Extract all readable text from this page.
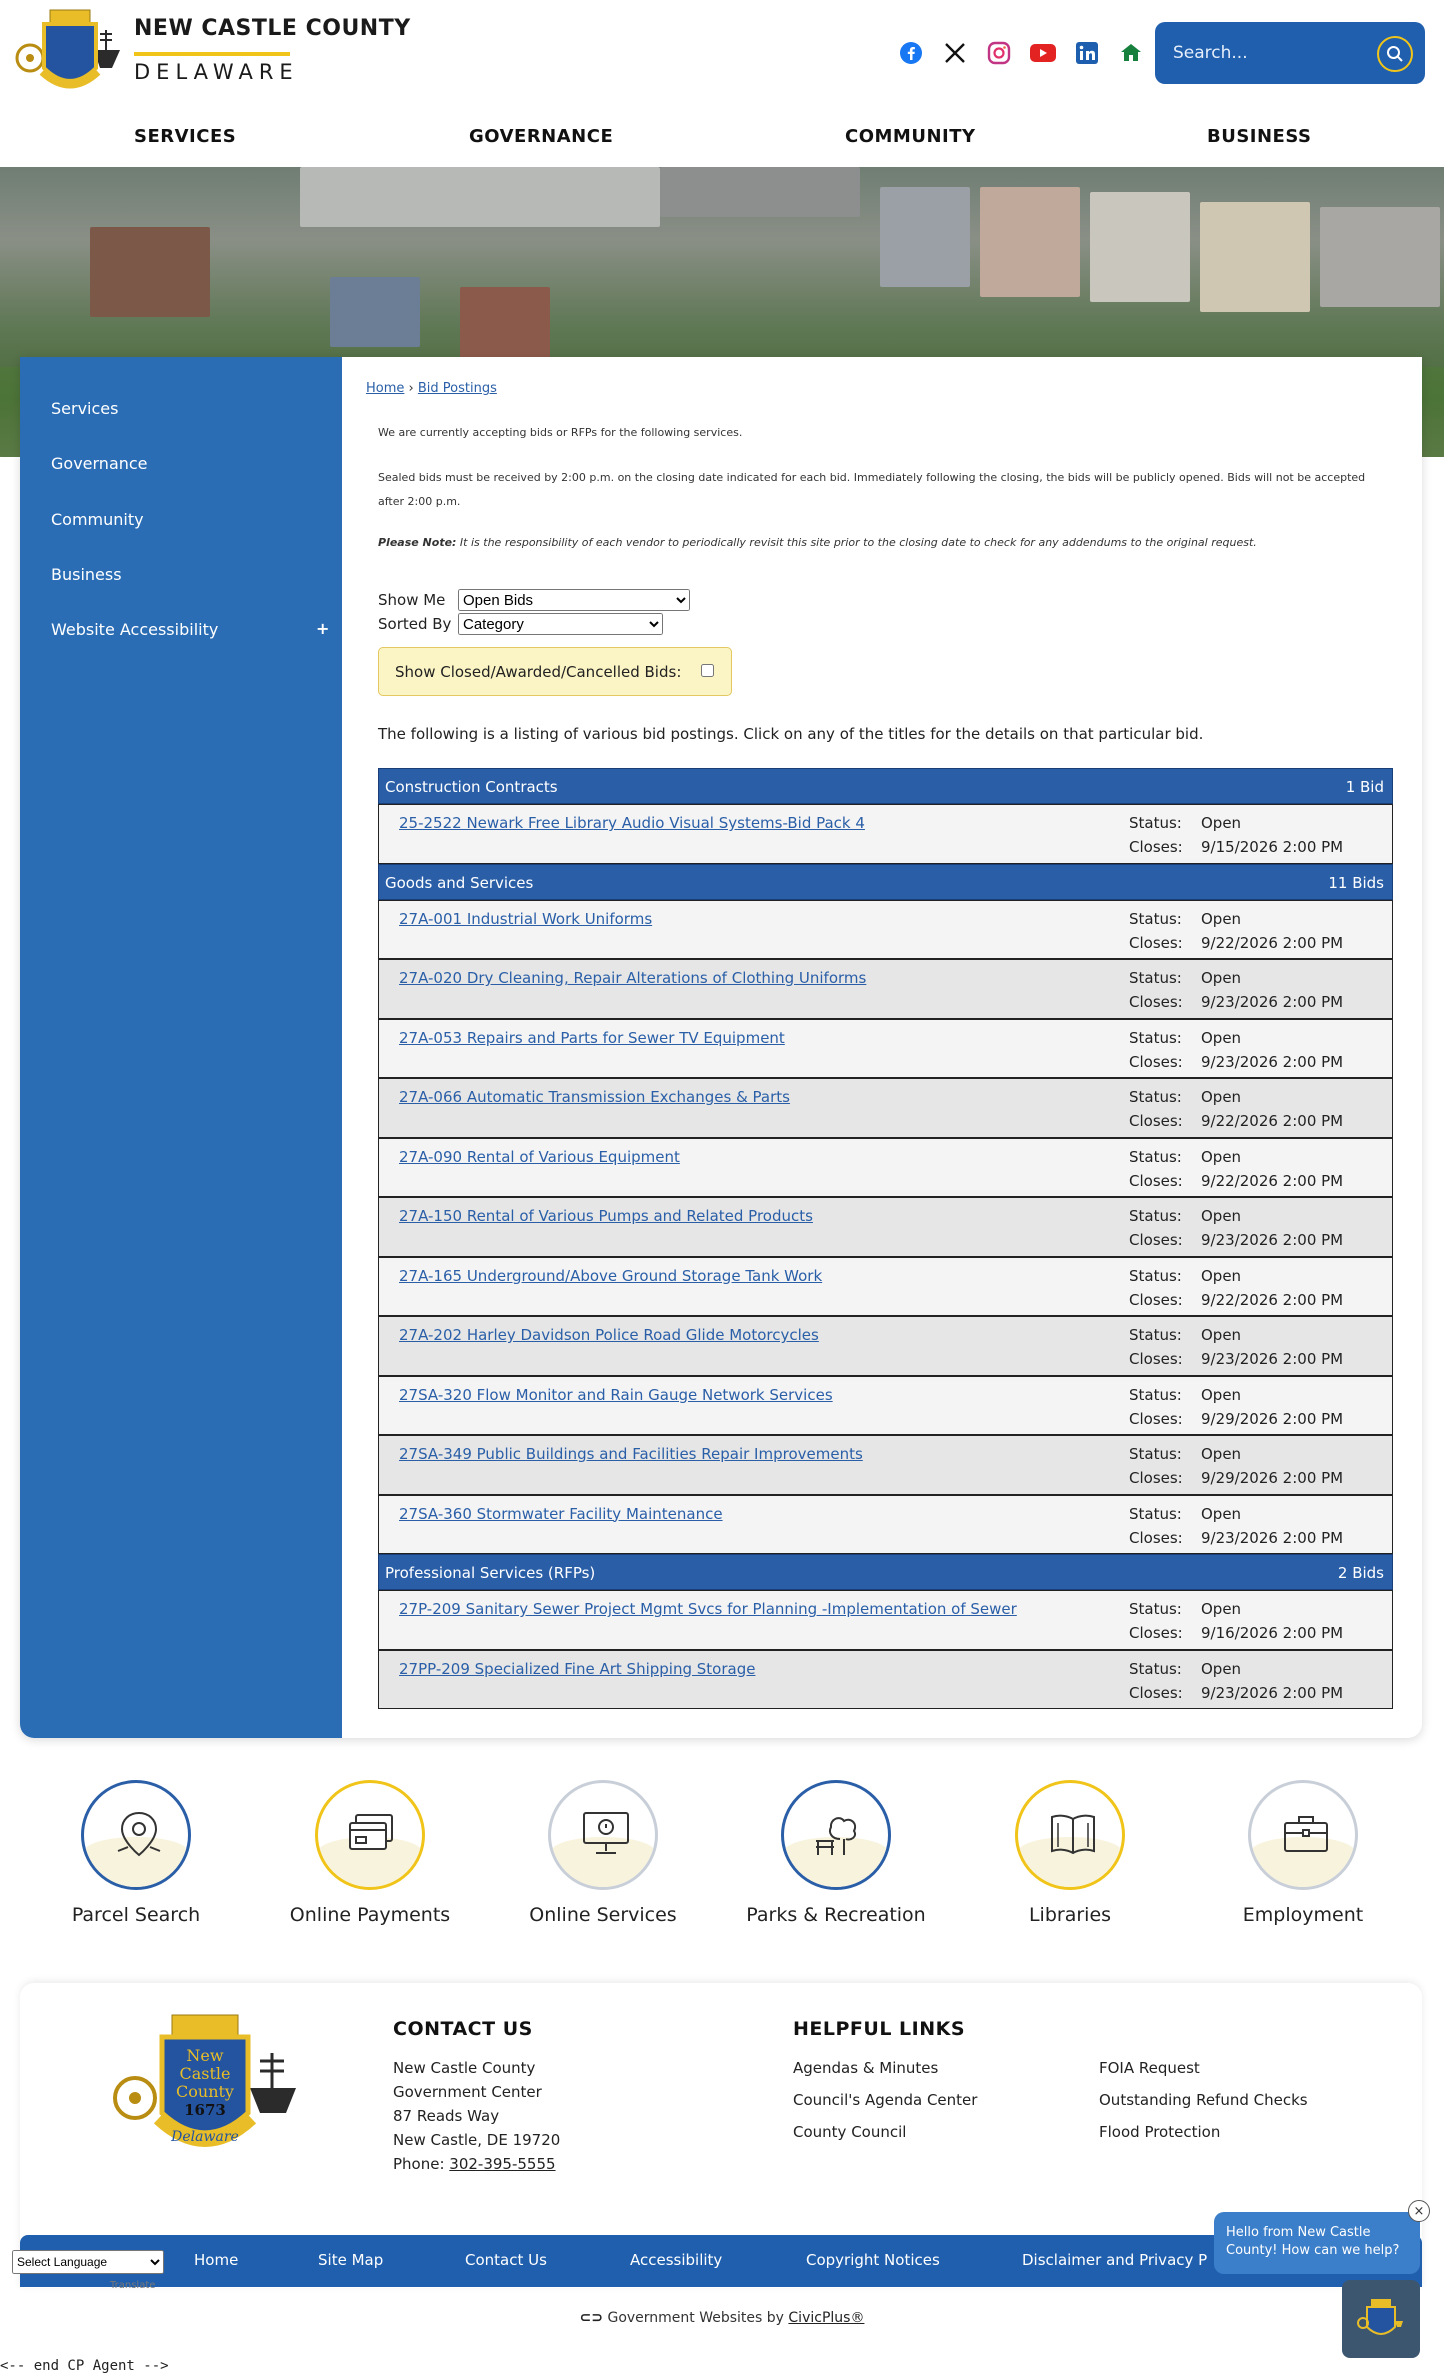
NEW CASTLE COUNTY
DELAWARE
Search...
SERVICES	GOVERNANCE	COMMUNITY	BUSINESS
Services
Governance
Community
Business
Website Accessibility	+
Home › Bid Postings
We are currently accepting bids or RFPs for the following services.
Sealed bids must be received by 2:00 p.m. on the closing date indicated for each bid. Immediately following the closing, the bids will be publicly opened. Bids will not be accepted after 2:00 p.m.
Please Note: It is the responsibility of each vendor to periodically revisit this site prior to the closing date to check for any addendums to the original request.
Show Me
Open Bids
Sorted By
Category
Show Closed/Awarded/Cancelled Bids:
The following is a listing of various bid postings. Click on any of the titles for the details on that particular bid.
Construction Contracts	1 Bid
25-2522 Newark Free Library Audio Visual Systems-Bid Pack 4	Status: Open
Closes: 9/15/2026 2:00 PM
Goods and Services	11 Bids
27A-001 Industrial Work Uniforms	Status: Open
Closes: 9/22/2026 2:00 PM
27A-020 Dry Cleaning, Repair Alterations of Clothing Uniforms	Status: Open
Closes: 9/23/2026 2:00 PM
27A-053 Repairs and Parts for Sewer TV Equipment	Status: Open
Closes: 9/23/2026 2:00 PM
27A-066 Automatic Transmission Exchanges & Parts	Status: Open
Closes: 9/22/2026 2:00 PM
27A-090 Rental of Various Equipment	Status: Open
Closes: 9/22/2026 2:00 PM
27A-150 Rental of Various Pumps and Related Products	Status: Open
Closes: 9/23/2026 2:00 PM
27A-165 Underground/Above Ground Storage Tank Work	Status: Open
Closes: 9/22/2026 2:00 PM
27A-202 Harley Davidson Police Road Glide Motorcycles	Status: Open
Closes: 9/23/2026 2:00 PM
27SA-320 Flow Monitor and Rain Gauge Network Services	Status: Open
Closes: 9/29/2026 2:00 PM
27SA-349 Public Buildings and Facilities Repair Improvements	Status: Open
Closes: 9/29/2026 2:00 PM
27SA-360 Stormwater Facility Maintenance	Status: Open
Closes: 9/23/2026 2:00 PM
Professional Services (RFPs)	2 Bids
27P-209 Sanitary Sewer Project Mgmt Svcs for Planning -Implementation of Sewer	Status: Open
Closes: 9/16/2026 2:00 PM
27PP-209 Specialized Fine Art Shipping Storage	Status: Open
Closes: 9/23/2026 2:00 PM
Parcel Search	Online Payments	Online Services	Parks & Recreation	Libraries	Employment
New
Castle
County
1673
Delaware
CONTACT US
New Castle County
Government Center
87 Reads Way
New Castle, DE 19720
Phone: 302-395-5555
HELPFUL LINKS
Agendas & Minutes
Council's Agenda Center
County Council
FOIA Request
Outstanding Refund Checks
Flood Protection
Home	Site Map	Contact Us	Accessibility	Copyright Notices	Disclaimer and Privacy P
Select Language
Translate
⊂⊃ Government Websites by CivicPlus®
<-- end CP Agent -->
Hello from New Castle County! How can we help?
×
